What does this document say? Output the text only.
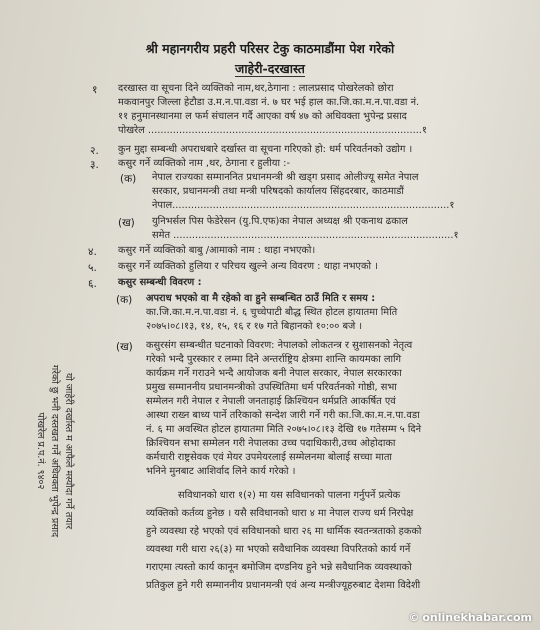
श्री महानगरीय प्रहरी परिसर टेकु काठमाडौंमा पेश गरेको
जाहेरी-दरखास्त
१ दरखास्त वा सूचना दिने व्यक्तिको नाम,थर,ठेगाना : लालप्रसाद पोखरेलको छोरा
मकवानपुर जिल्ला हेटौडा उ.म.न.पा.वडा नं. ७ घर भई हाल का.जि.का.म.न.पा.वडा नं.
११ हनुमानस्थानमा ल फर्म संचालन गर्दै आएका वर्ष ४७ को अधिवक्ता भुपेन्द्र प्रसाद
पोखरेल ........................................................................................१
२. कुन मुद्दा सम्बन्धी अपराधबारे दर्खास्त वा सूचना गरिएको हो: धर्म परिवर्तनको उद्योग ।
३. कसुर गर्ने व्यक्तिको नाम ,थर, ठेगाना र हुलीया :-
(क) नेपाल राज्यका सम्माननित प्रधानमन्त्री श्री खड्ग प्रसाद ओलीज्यू समेत नेपाल
सरकार, प्रधानमन्त्री तथा मन्त्री परिषदको कार्यालय सिंहदरबार, काठमाडौं
नेपाल.........................................................................................१
(ख) युनिभर्सल पिस फेडेरेसन (यु.पि.एफ)का नेपाल अध्यक्ष श्री एकनाथ ढकाल
समेत ..........................................................................................१
४. कसुर गर्ने व्यक्तिको बाबु /आमाको नाम : थाहा नभएको।
५. कसुर गर्ने व्यक्तिको हुलिया र परिचय खुल्ने अन्य विवरण : थाहा नभएको ।
६. कसुर सम्बन्धी विवरण :
(क) अपराध भएको वा मै रहेको वा हुने सम्बन्धित ठाउँ मिति र समय :
का.जि.का.म.न.पा.वडा नं. ६ चुच्चेपाटी बौद्ध स्थित होटल हायातमा मिति
२०७५।०८।१३, १४, १५, १६ र १७ गते बिहानको १०:०० बजे ।
(ख) कसुरसंग सम्बन्धीत घटनाको विवरण: नेपालको लोकतन्त्र र सुशासनको नेतृत्व
गरेको भन्दै पुरस्कार र लम्मा दिने अन्तर्राष्ट्रिय क्षेत्रमा शान्ति कायमका लागि
कार्यक्रम गर्ने गराउने भन्दै आयोजक बनी नेपाल सरकार, नेपाल सरकारका
प्रमुख सम्माननीय प्रधानमन्त्रीको उपस्थितिमा धर्म परिवर्तनको गोष्ठी, सभा
सम्मेलन गरी नेपाल र नेपाली जनताहाई क्रिश्चियन धर्मप्रति आकर्षित एवं
आस्था राख्न बाध्य पार्ने तरिकाको सन्देश जारी गर्ने गरी का.जि.का.म.न.पा.वडा
नं. ६ मा अवस्थित होटल हायातमा मिति २०७५।०८।१३ देखि १७ गतेसम्म ५ दिने
क्रिश्चियन सभा सम्मेलन गरी नेपालका उच्च पदाधिकारी,उच्च ओहोदाका
कर्मचारी राष्ट्रसेवक एवं मेयर उपमेयरलाई सम्मेलनमा बोलाई सच्चा माता
भनिने मुनबाट आशिर्वाद लिने कार्य गरेको ।
सविधानको धारा १(२) मा यस सविधानको पालना गर्नुपर्ने प्रत्येक
व्यक्तिको कर्तव्य हुनेछ । यसै सविधानको धारा ४ मा नेपाल राज्य धर्म निरपेक्ष
हुने व्यवस्था रहे भएको एवं सविधानको धारा २६ मा धार्मिक स्वतन्त्रताको हकको
व्यवस्था गरी धारा २६(३) मा भएको सवैधानिक व्यवस्था विपरितको कार्य गर्ने
गराएमा त्यस्तो कार्य कानून बमोजिम दण्डनिय हुने भन्ने सवैधानिक व्यवस्थाको
प्रतिकुल हुने गरी सम्माननीय प्रधानमन्त्री एवं अन्य मन्त्रीज्यूहरुबाट देशमा विदेशी
यो जाहेरी दर्खास्त म आफैले मस्यौदा गर्ने तयार
गरेको छु भनी दस्तखत गर्ने अधिवक्ता भुपेन्द्र प्रसाद
पोखरेल प्र.प.नं. ९४०२
© onlinekhabar.com
